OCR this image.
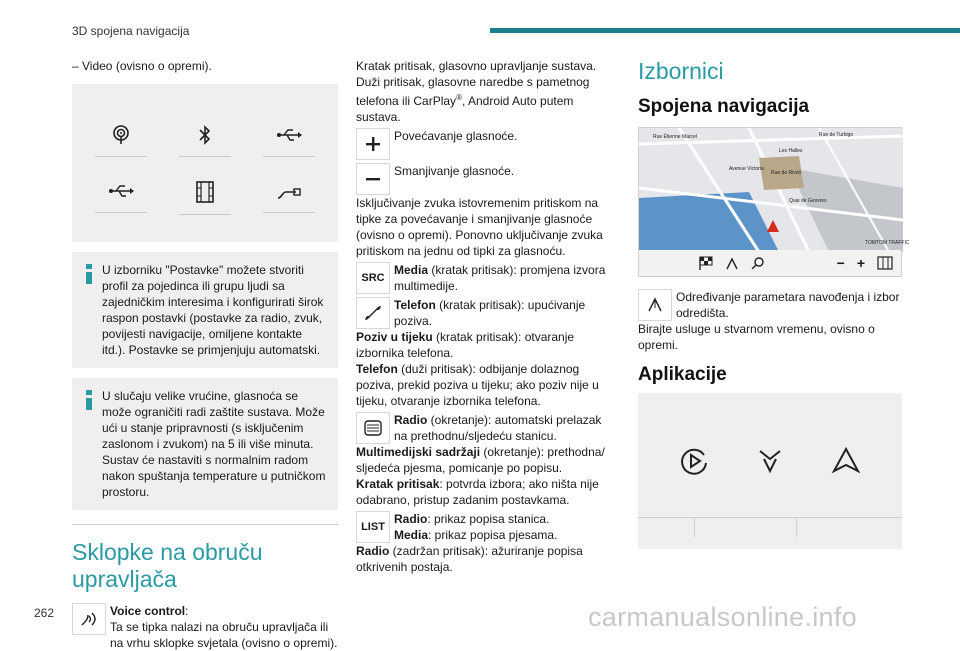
3D spojena navigacija
– Video (ovisno o opremi).

U izborniku "Postavke" možete stvoriti profil za pojedinca ili grupu ljudi sa zajedničkim interesima i konfigurirati širok raspon postavki (postavke za radio, zvuk, povijesti navigacije, omiljene kontakte itd.). Postavke se primjenjuju automatski.

U slučaju velike vrućine, glasnoća se može ograničiti radi zaštite sustava. Može ući u stanje pripravnosti (s isključenim zaslonom i zvukom) na 5 ili više minuta. Sustav će nastaviti s normalnim radom nakon spuštanja temperature u putničkom prostoru.

Sklopke na obruču upravljača
Voice control:
Ta se tipka nalazi na obruču upravljača ili na vrhu sklopke svjetala (ovisno o opremi).

Kratak pritisak, glasovno upravljanje sustava. Duži pritisak, glasovne naredbe s pametnog telefona ili CarPlay®, Android Auto putem sustava.

Povećavanje glasnoće.
Smanjivanje glasnoće.

Isključivanje zvuka istovremenim pritiskom na tipke za povećavanje i smanjivanje glasnoće (ovisno o opremi). Ponovno uključivanje zvuka pritiskom na jednu od tipki za glasnoću.

SRC
Media (kratak pritisak): promjena izvora multimedije.
Telefon (kratak pritisak): upućivanje poziva.

Poziv u tijeku (kratak pritisak): otvaranje izbornika telefona.

Telefon (duži pritisak): odbijanje dolaznog poziva, prekid poziva u tijeku; ako poziv nije u tijeku, otvaranje izbornika telefona.

Radio (okretanje): automatski prelazak na prethodnu/sljedeću stanicu.

Multimedijski sadržaji (okretanje): prethodna/ sljedeća pjesma, pomicanje po popisu.

Kratak pritisak: potvrda izbora; ako ništa nije odabrano, pristup zadanim postavkama.

LIST
Radio: prikaz popisa stanica.
Media: prikaz popisa pjesama.

Radio (zadržan pritisak): ažuriranje popisa otkrivenih postaja.

Izbornici
Spojena navigacija
Rue Étienne Marcel	Rue de Turbigo
Les Halles
Rue de Rivoli
Avenue Victoria
Quai de Gesvres
TOMTOM TRAFFIC
− +
Određivanje parametara navođenja i izbor odredišta.

Birajte usluge u stvarnom vremenu, ovisno o opremi.

Aplikacije
262	carmanualsonline.info
